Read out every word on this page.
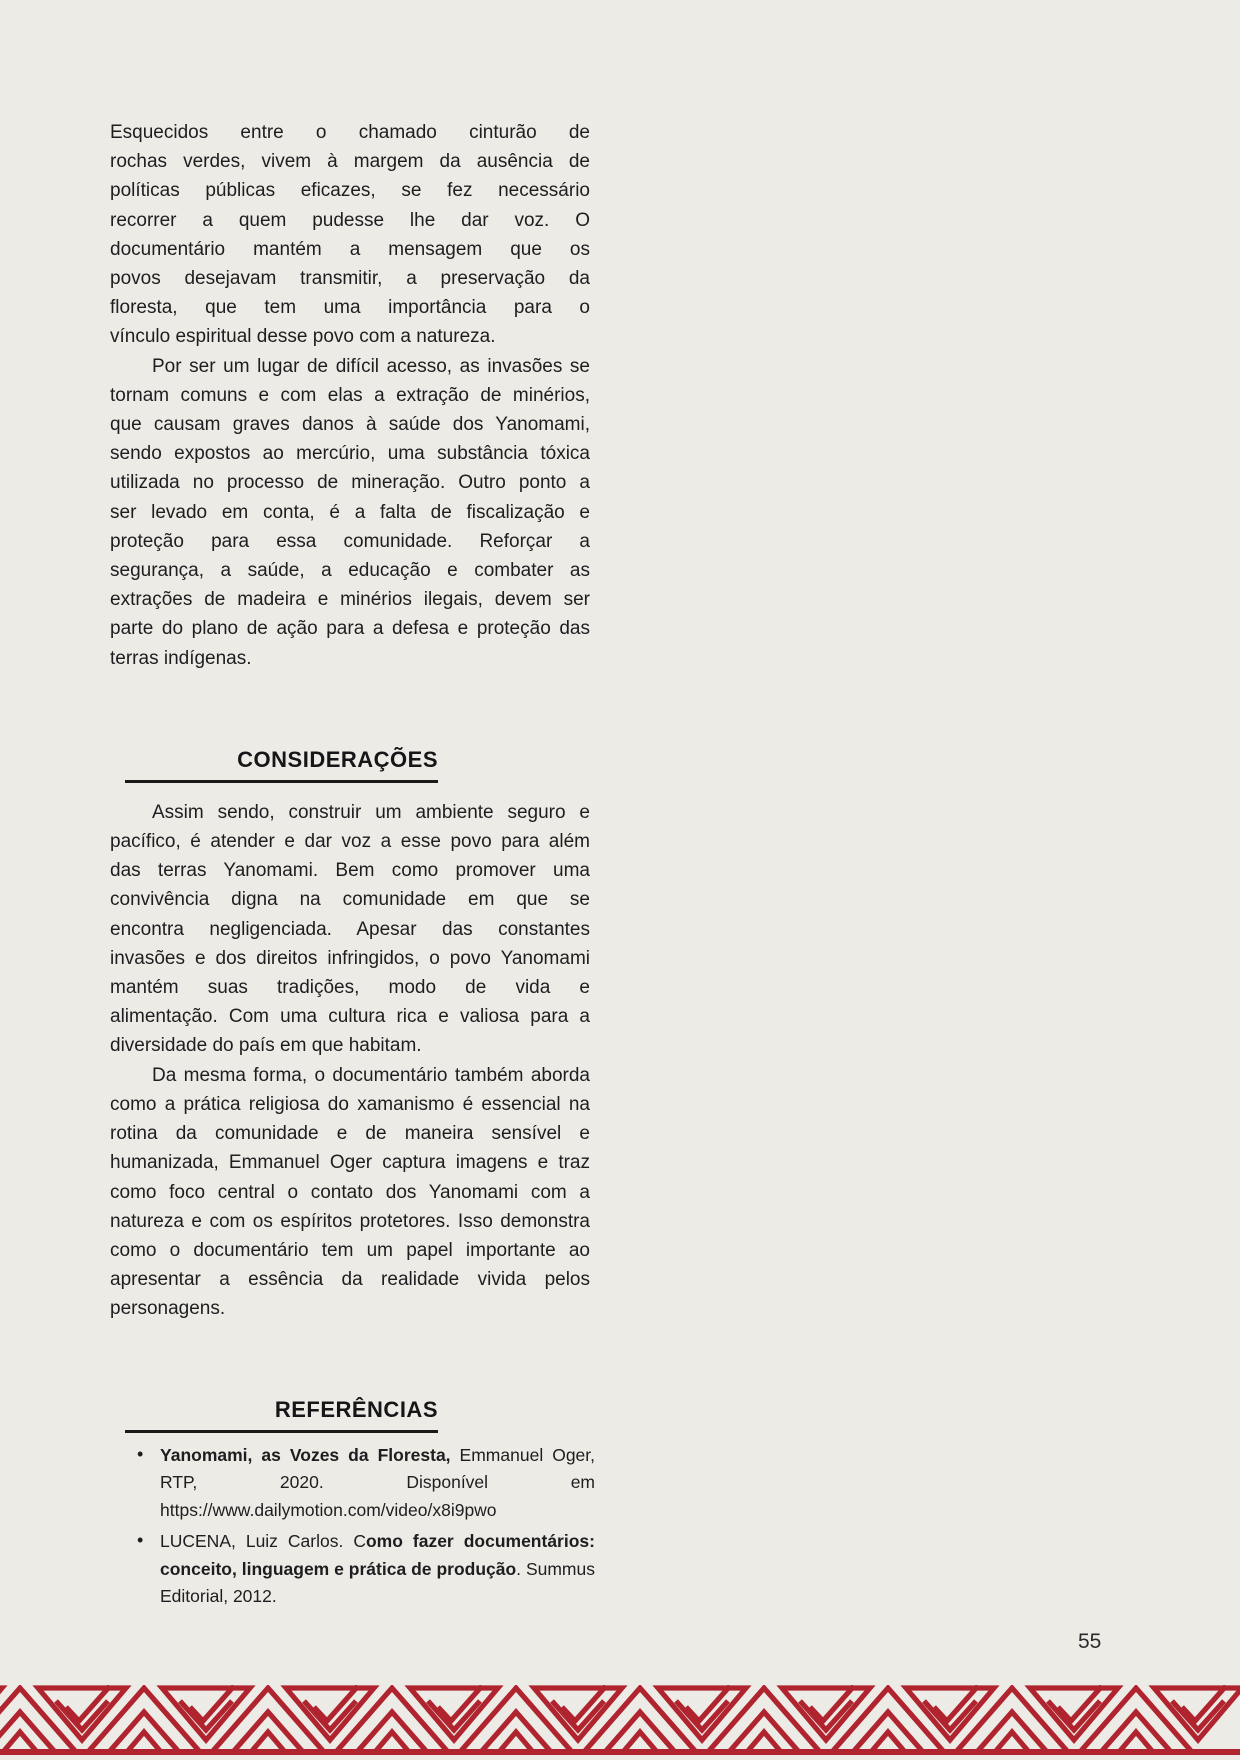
Esquecidos entre o chamado cinturão de
rochas verdes, vivem à margem da ausência de
políticas públicas eficazes, se fez necessário
recorrer a quem pudesse lhe dar voz. O
documentário mantém a mensagem que os
povos desejavam transmitir, a preservação da
floresta, que tem uma importância para o
vínculo espiritual desse povo com a natureza.
Por ser um lugar de difícil acesso, as invasões se
tornam comuns e com elas a extração de minérios,
que causam graves danos à saúde dos Yanomami,
sendo expostos ao mercúrio, uma substância tóxica
utilizada no processo de mineração. Outro ponto a
ser levado em conta, é a falta de fiscalização e
proteção para essa comunidade. Reforçar a
segurança, a saúde, a educação e combater as
extrações de madeira e minérios ilegais, devem ser
parte do plano de ação para a defesa e proteção das
terras indígenas.
CONSIDERAÇÕES
Assim sendo, construir um ambiente seguro e
pacífico, é atender e dar voz a esse povo para além
das terras Yanomami. Bem como promover uma
convivência digna na comunidade em que se
encontra negligenciada. Apesar das constantes
invasões e dos direitos infringidos, o povo Yanomami
mantém suas tradições, modo de vida e
alimentação. Com uma cultura rica e valiosa para a
diversidade do país em que habitam.
Da mesma forma, o documentário também aborda
como a prática religiosa do xamanismo é essencial na
rotina da comunidade e de maneira sensível e
humanizada, Emmanuel Oger captura imagens e traz
como foco central o contato dos Yanomami com a
natureza e com os espíritos protetores. Isso demonstra
como o documentário tem um papel importante ao
apresentar a essência da realidade vivida pelos
personagens.
REFERÊNCIAS
• Yanomami, as Vozes da Floresta, Emmanuel Oger,
RTP, 2020. Disponível em
https://www.dailymotion.com/video/x8i9pwo
• LUCENA, Luiz Carlos. Como fazer documentários:
conceito, linguagem e prática de produção. Summus
Editorial, 2012.
55
